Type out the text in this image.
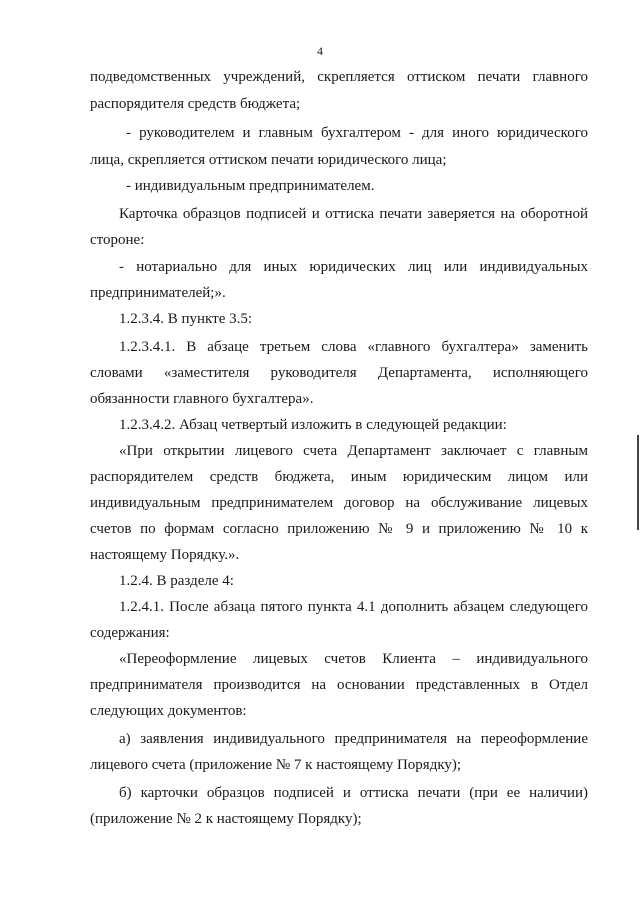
4
подведомственных учреждений, скрепляется оттиском печати главного
распорядителя средств бюджета;
- руководителем и главным бухгалтером - для иного юридического
лица, скрепляется оттиском печати юридического лица;
- индивидуальным предпринимателем.
Карточка образцов подписей и оттиска печати заверяется на оборотной
стороне:
- нотариально для иных юридических лиц или индивидуальных
предпринимателей;».
1.2.3.4. В пункте 3.5:
1.2.3.4.1. В абзаце третьем слова «главного бухгалтера» заменить
словами «заместителя руководителя Департамента, исполняющего
обязанности главного бухгалтера».
1.2.3.4.2. Абзац четвертый изложить в следующей редакции:
«При открытии лицевого счета Департамент заключает с главным
распорядителем средств бюджета, иным юридическим лицом или
индивидуальным предпринимателем договор на обслуживание лицевых
счетов по формам согласно приложению № 9 и приложению № 10 к
настоящему Порядку.».
1.2.4. В разделе 4:
1.2.4.1. После абзаца пятого пункта 4.1 дополнить абзацем следующего
содержания:
«Переоформление лицевых счетов Клиента – индивидуального
предпринимателя производится на основании представленных в Отдел
следующих документов:
а) заявления индивидуального предпринимателя на переоформление
лицевого счета (приложение № 7 к настоящему Порядку);
б) карточки образцов подписей и оттиска печати (при ее наличии)
(приложение № 2 к настоящему Порядку);
